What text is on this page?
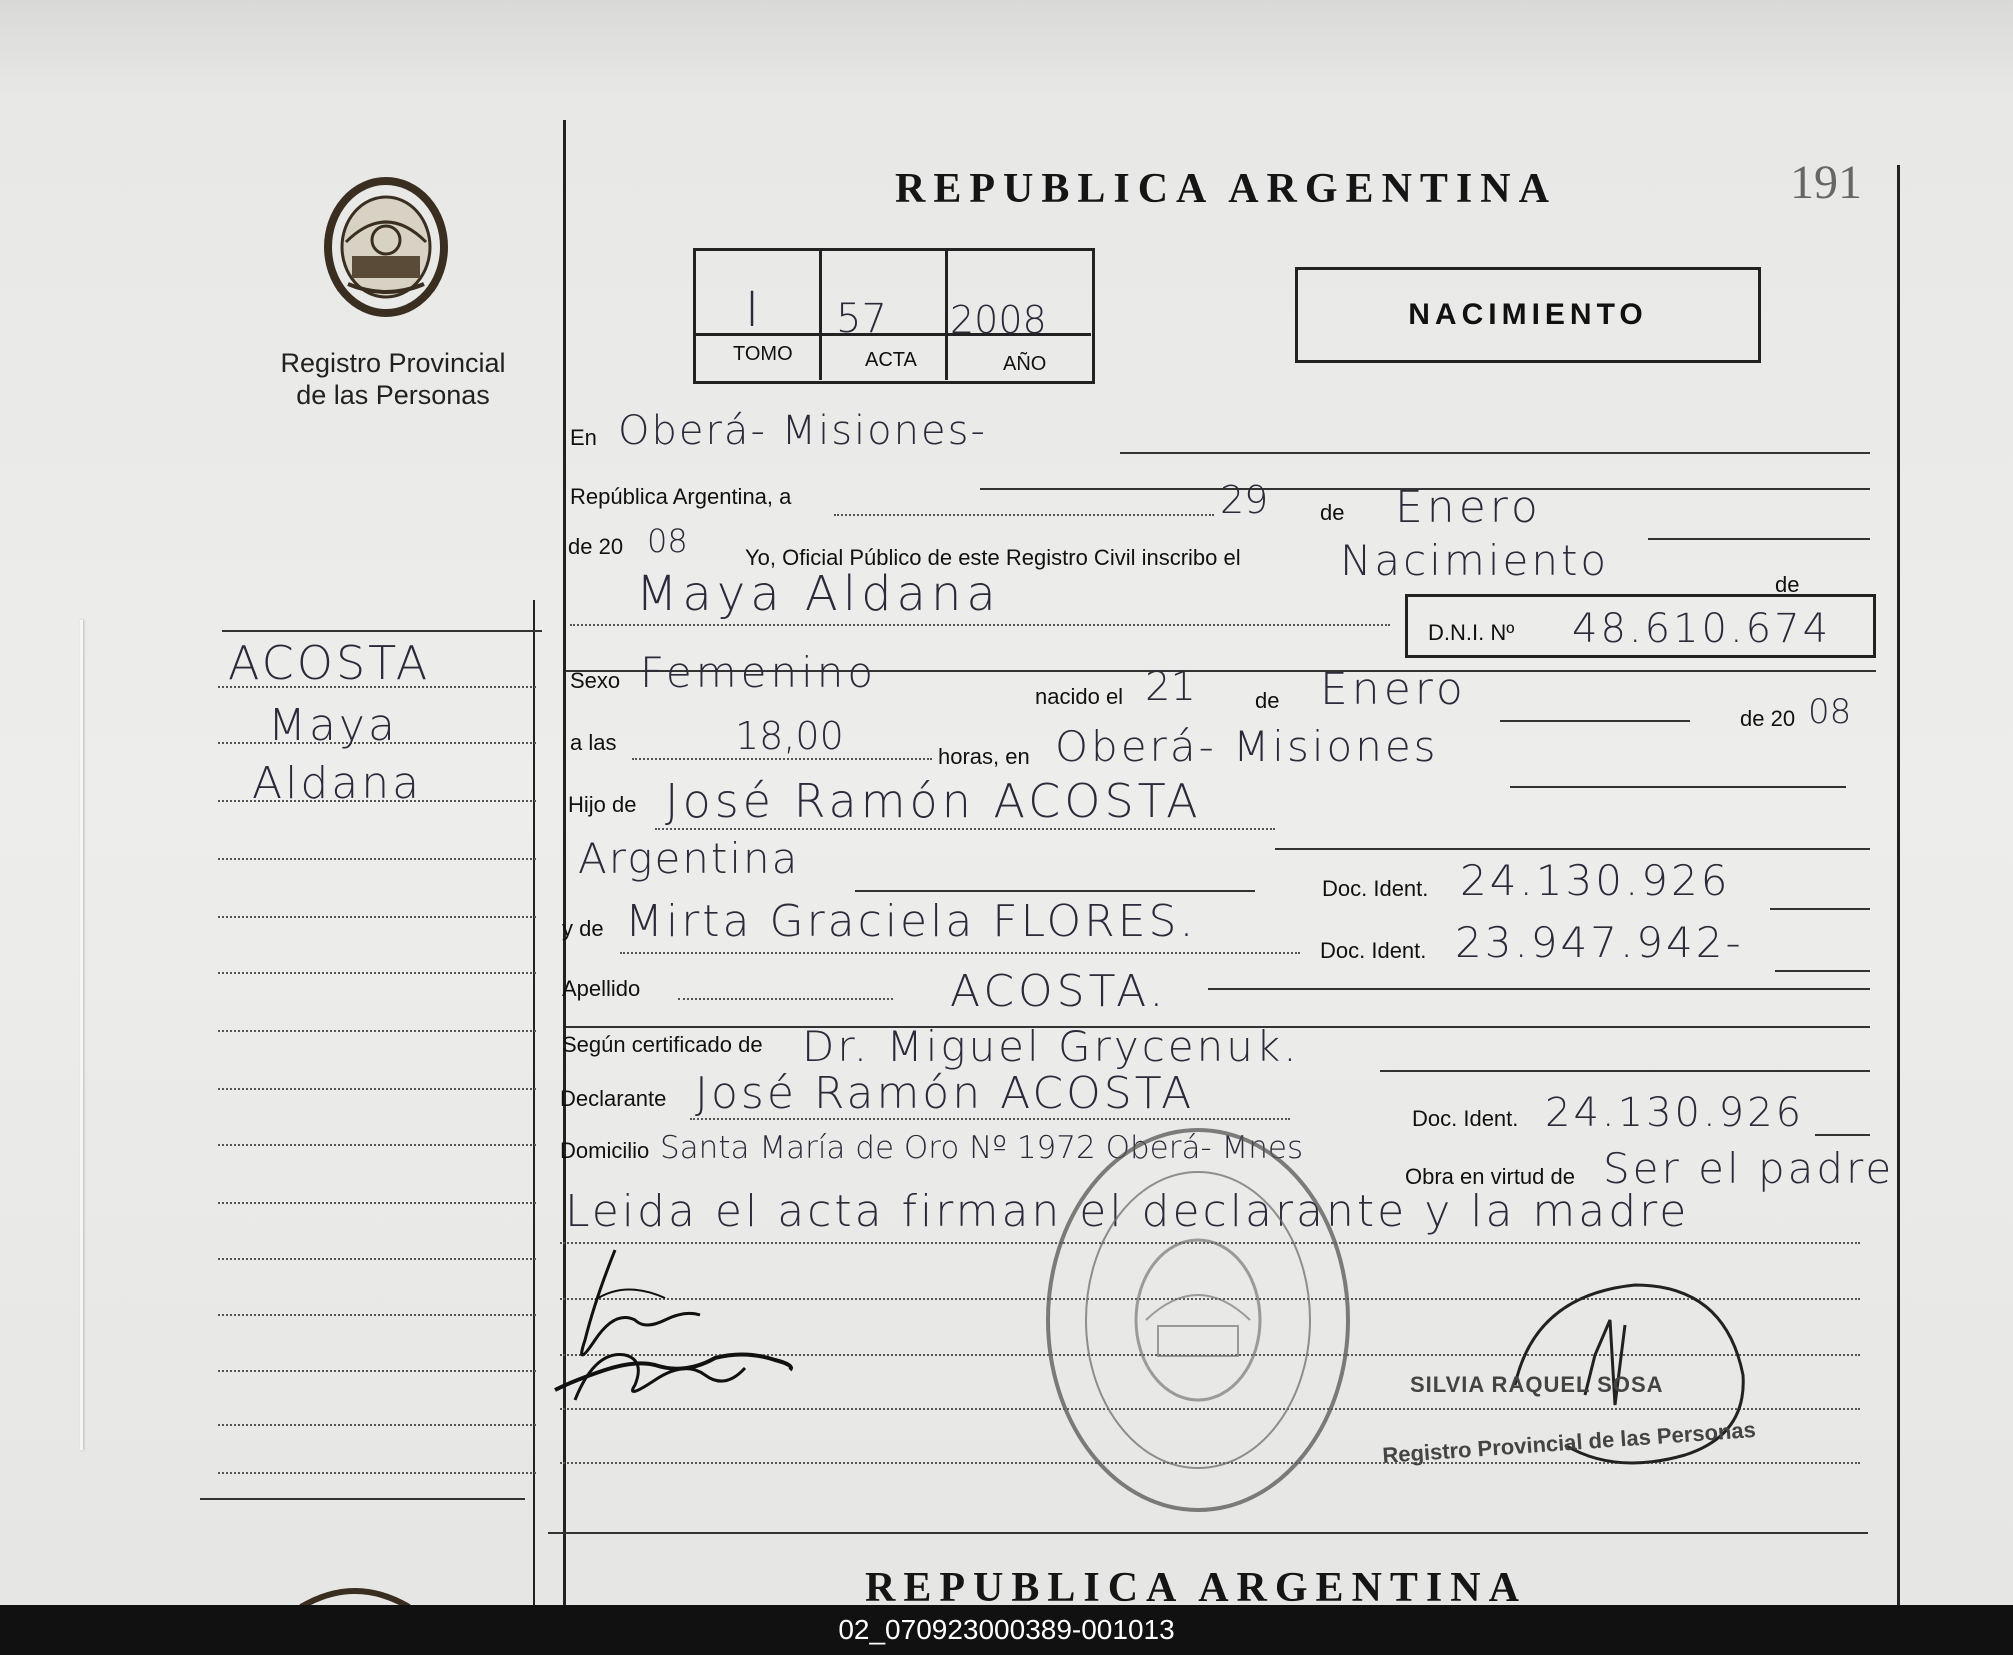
Registro Provincial
de las Personas
REPUBLICA ARGENTINA	191
I 57 2008
TOMO	ACTA	AÑO
NACIMIENTO
ACOSTA
Maya
Aldana
En Oberá- Misiones-
República Argentina, a	29 de Enero
de 20 08	Yo, Oficial Público de este Registro Civil inscribo el Nacimiento	de
Maya Aldana
D.N.I. Nº 48.610.674
Sexo Femenino	nacido el 21	de Enero
de 20 08
a las	18,00	horas, en Oberá- Misiones
Hijo de José Ramón ACOSTA
Argentina
Doc. Ident. 24.130.926
y de Mirta Graciela FLORES.
Doc. Ident. 23.947.942-
Apellido	ACOSTA.
Según certificado de Dr. Miguel Grycenuk.
Declarante José Ramón ACOSTA	Doc. Ident. 24.130.926
Domicilio Santa María de Oro Nº 1972 Oberá- Mnes
Obra en virtud de Ser el padre
Leida el acta firman el declarante y la madre
SILVIA RAQUEL SOSA
Registro Provincial de las Personas
REPUBLICA ARGENTINA
02_070923000389-001013
